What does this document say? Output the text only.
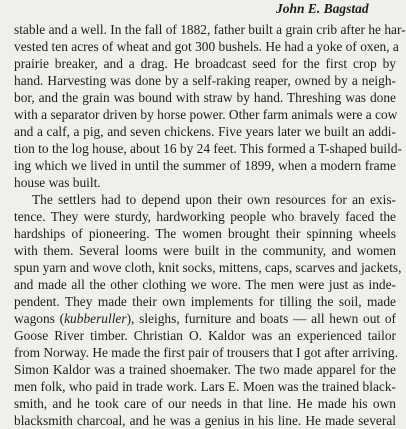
John E. Bagstad
stable and a well. In the fall of 1882, father built a grain crib after he har-
vested ten acres of wheat and got 300 bushels. He had a yoke of oxen, a
prairie breaker, and a drag. He broadcast seed for the first crop by
hand. Harvesting was done by a self-raking reaper, owned by a neigh-
bor, and the grain was bound with straw by hand. Threshing was done
with a separator driven by horse power. Other farm animals were a cow
and a calf, a pig, and seven chickens. Five years later we built an addi-
tion to the log house, about 16 by 24 feet. This formed a T-shaped build-
ing which we lived in until the summer of 1899, when a modern frame
house was built.
The settlers had to depend upon their own resources for an exis-
tence. They were sturdy, hardworking people who bravely faced the
hardships of pioneering. The women brought their spinning wheels
with them. Several looms were built in the community, and women
spun yarn and wove cloth, knit socks, mittens, caps, scarves and jackets,
and made all the other clothing we wore. The men were just as inde-
pendent. They made their own implements for tilling the soil, made
wagons (kubberuller), sleighs, furniture and boats — all hewn out of
Goose River timber. Christian O. Kaldor was an experienced tailor
from Norway. He made the first pair of trousers that I got after arriving.
Simon Kaldor was a trained shoemaker. The two made apparel for the
men folk, who paid in trade work. Lars E. Moen was the trained black-
smith, and he took care of our needs in that line. He made his own
blacksmith charcoal, and he was a genius in his line. He made several
